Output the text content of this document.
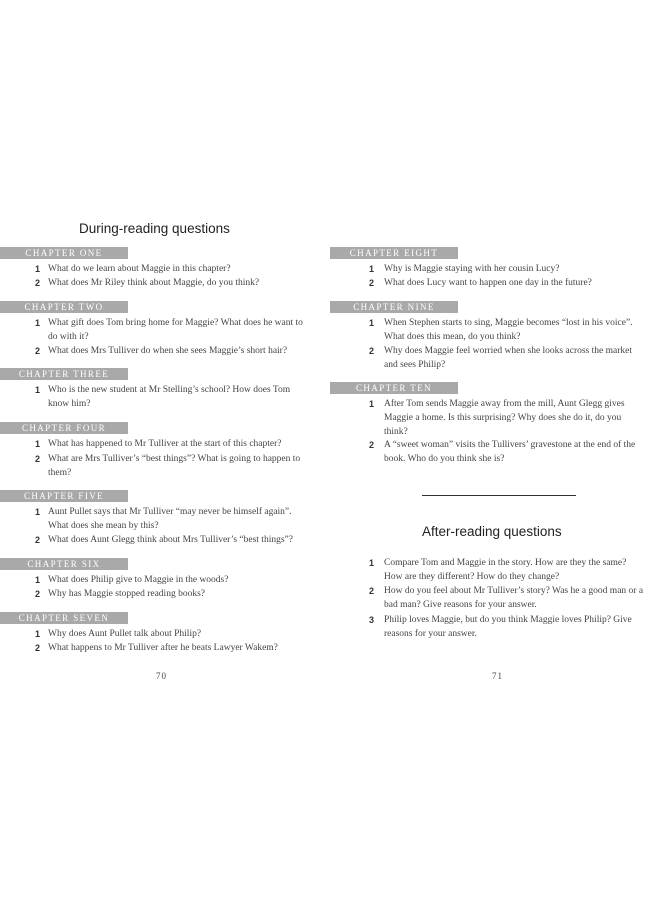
During-reading questions
CHAPTER ONE
1 What do we learn about Maggie in this chapter?
2 What does Mr Riley think about Maggie, do you think?
CHAPTER TWO
1 What gift does Tom bring home for Maggie? What does he want to do with it?
2 What does Mrs Tulliver do when she sees Maggie’s short hair?
CHAPTER THREE
1 Who is the new student at Mr Stelling’s school? How does Tom know him?
CHAPTER FOUR
1 What has happened to Mr Tulliver at the start of this chapter?
2 What are Mrs Tulliver’s “best things”? What is going to happen to them?
CHAPTER FIVE
1 Aunt Pullet says that Mr Tulliver “may never be himself again”. What does she mean by this?
2 What does Aunt Glegg think about Mrs Tulliver’s “best things”?
CHAPTER SIX
1 What does Philip give to Maggie in the woods?
2 Why has Maggie stopped reading books?
CHAPTER SEVEN
1 Why does Aunt Pullet talk about Philip?
2 What happens to Mr Tulliver after he beats Lawyer Wakem?
70
CHAPTER EIGHT
1 Why is Maggie staying with her cousin Lucy?
2 What does Lucy want to happen one day in the future?
CHAPTER NINE
1 When Stephen starts to sing, Maggie becomes “lost in his voice”. What does this mean, do you think?
2 Why does Maggie feel worried when she looks across the market and sees Philip?
CHAPTER TEN
1 After Tom sends Maggie away from the mill, Aunt Glegg gives Maggie a home. Is this surprising? Why does she do it, do you think?
2 A “sweet woman” visits the Tullivers’ gravestone at the end of the book. Who do you think she is?
After-reading questions
1 Compare Tom and Maggie in the story. How are they the same? How are they different? How do they change?
2 How do you feel about Mr Tulliver’s story? Was he a good man or a bad man? Give reasons for your answer.
3 Philip loves Maggie, but do you think Maggie loves Philip? Give reasons for your answer.
71
